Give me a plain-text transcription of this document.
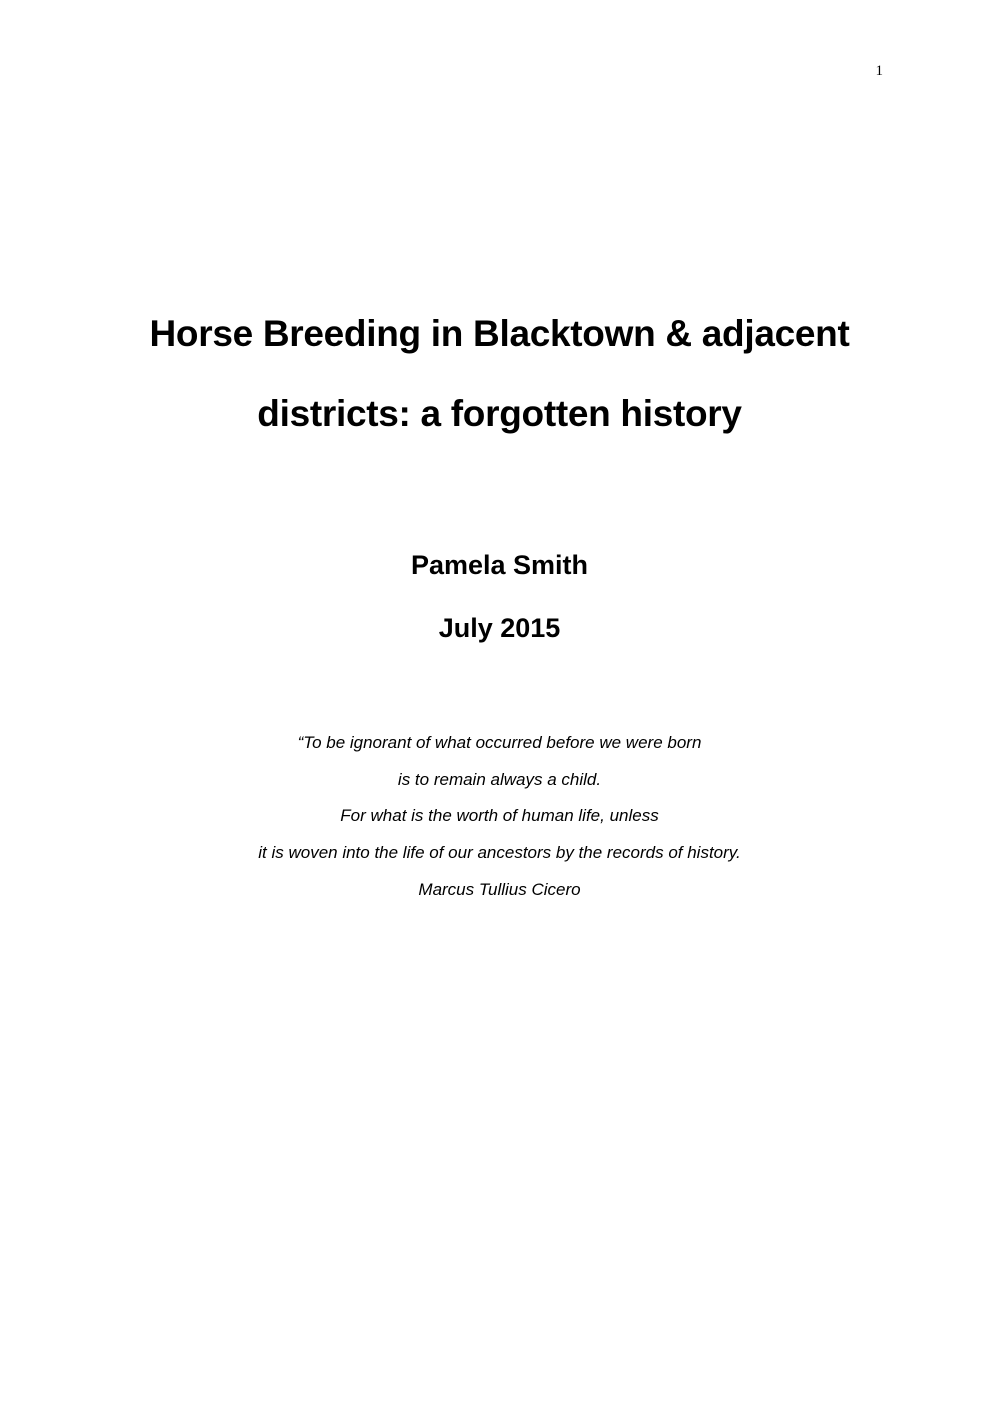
1
Horse Breeding in Blacktown & adjacent
districts: a forgotten history
Pamela Smith
July 2015
“To be ignorant of what occurred before we were born
is to remain always a child.
For what is the worth of human life, unless
it is woven into the life of our ancestors by the records of history.
Marcus Tullius Cicero
